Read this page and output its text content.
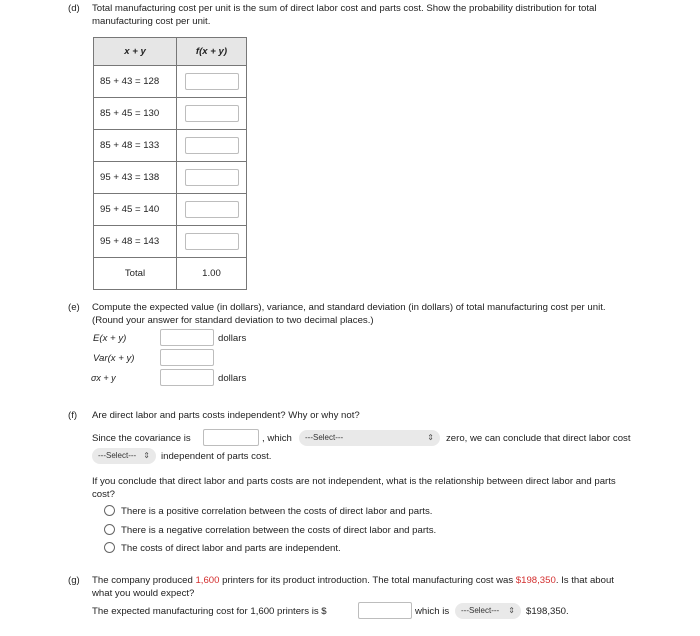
(d) Total manufacturing cost per unit is the sum of direct labor cost and parts cost. Show the probability distribution for total
manufacturing cost per unit.
x + y	f(x + y)
85 + 43 = 128	

85 + 45 = 130	

85 + 48 = 133	

95 + 43 = 138	

95 + 45 = 140	

95 + 48 = 143	

Total	1.00
(e) Compute the expected value (in dollars), variance, and standard deviation (in dollars) of total manufacturing cost per unit.
(Round your answer for standard deviation to two decimal places.)
E(x + y)	dollars
Var(x + y)
σx + y	dollars
(f) Are direct labor and parts costs independent? Why or why not?
Since the covariance is	, which	---Select---	⇕ zero, we can conclude that direct labor cost
---Select--- ⇕ independent of parts cost.
If you conclude that direct labor and parts costs are not independent, what is the relationship between direct labor and parts
cost?
There is a positive correlation between the costs of direct labor and parts.
There is a negative correlation between the costs of direct labor and parts.
The costs of direct labor and parts are independent.
(g) The company produced 1,600 printers for its product introduction. The total manufacturing cost was $198,350. Is that about
what you would expect?
The expected manufacturing cost for 1,600 printers is $	which is	---Select--- ⇕ $198,350.
